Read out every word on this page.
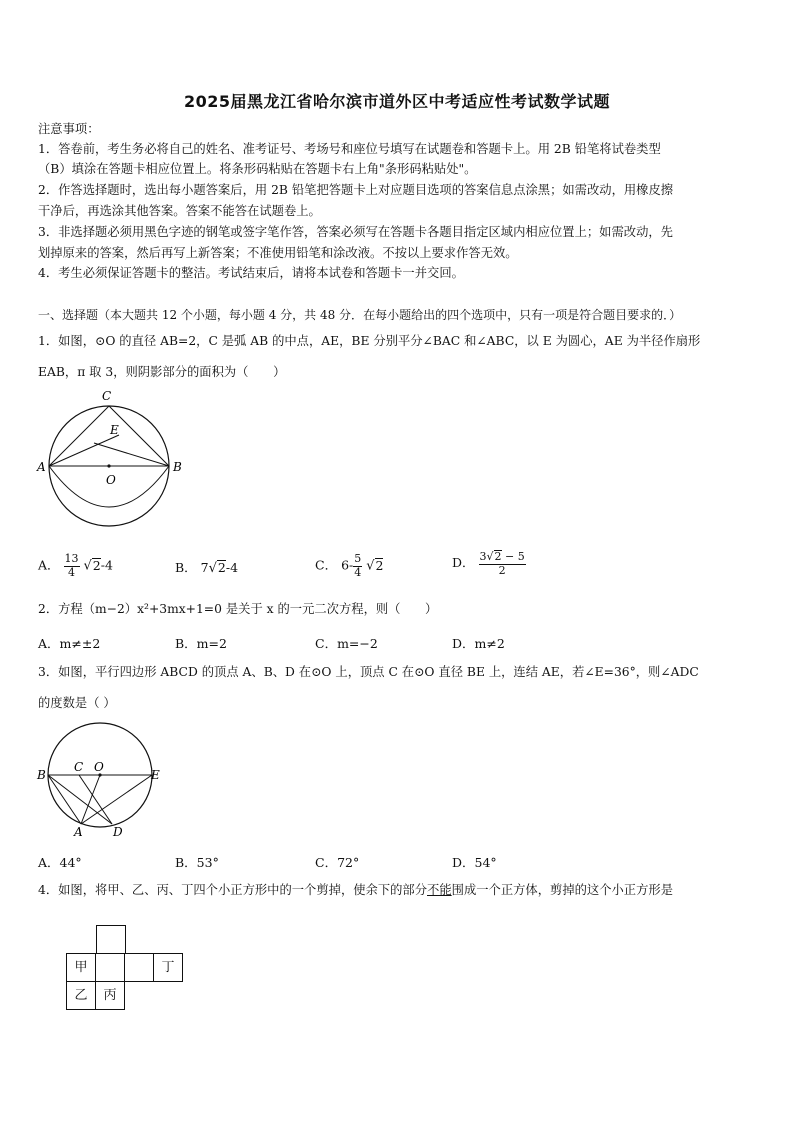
2025届黑龙江省哈尔滨市道外区中考适应性考试数学试题
注意事项：
1．答卷前，考生务必将自己的姓名、准考证号、考场号和座位号填写在试题卷和答题卡上。用 2B 铅笔将试卷类型
（B）填涂在答题卡相应位置上。将条形码粘贴在答题卡右上角"条形码粘贴处"。
2．作答选择题时，选出每小题答案后，用 2B 铅笔把答题卡上对应题目选项的答案信息点涂黑；如需改动，用橡皮擦
干净后，再选涂其他答案。答案不能答在试题卷上。
3．非选择题必须用黑色字迹的钢笔或签字笔作答，答案必须写在答题卡各题目指定区域内相应位置上；如需改动，先
划掉原来的答案，然后再写上新答案；不准使用铅笔和涂改液。不按以上要求作答无效。
4．考生必须保证答题卡的整洁。考试结束后，请将本试卷和答题卡一并交回。
一、选择题（本大题共 12 个小题，每小题 4 分，共 48 分．在每小题给出的四个选项中，只有一项是符合题目要求的．）
1．如图，⊙O 的直径 AB=2，C 是弧 AB 的中点，AE，BE 分别平分∠BAC 和∠ABC，以 E 为圆心，AE 为半径作扇形
EAB，π 取 3，则阴影部分的面积为（　　）
C
E
A	B
O
A． $\frac{13}{4} √2-4$	B． 7√2-4	C． $6- \frac{5}{4} √2$	D． $\frac{3√2 - 5}{2}$
2．方程（m−2）x²+3mx+1=0 是关于 x 的一元二次方程，则（　　）
A．m≠±2	B．m=2	C．m=−2	D．m≠2
3．如图，平行四边形 ABCD 的顶点 A、B、D 在⊙O 上，顶点 C 在⊙O 直径 BE 上，连结 AE，若∠E=36°，则∠ADC
的度数是（ ）
B
C O
E
A	D
A．44°	B．53°	C．72°	D．54°
4．如图，将甲、乙、丙、丁四个小正方形中的一个剪掉，使余下的部分不能围成一个正方体，剪掉的这个小正方形是
甲	丁
乙	丙
